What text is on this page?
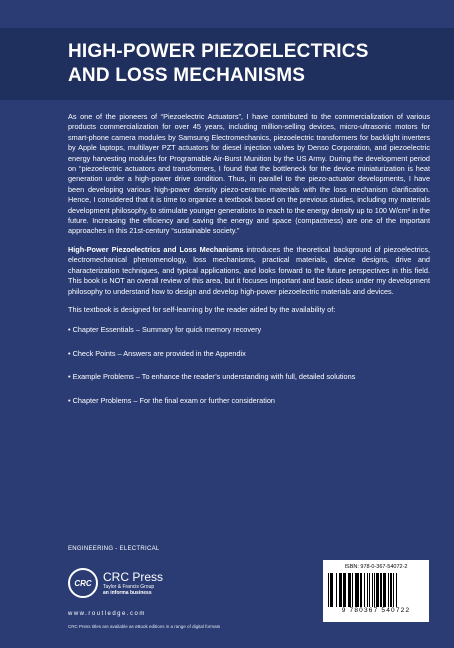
HIGH-POWER PIEZOELECTRICS
AND LOSS MECHANISMS

As one of the pioneers of “Piezoelectric Actuators”, I have contributed to the commercialization of various products commercialization for over 45 years, including million-selling devices, micro-ultrasonic motors for smart-phone camera modules by Samsung Electromechanics, piezoelectric transformers for backlight inverters by Apple laptops, multilayer PZT actuators for diesel injection valves by Denso Corporation, and piezoelectric energy harvesting modules for Programable Air-Burst Munition by the US Army. During the development period on “piezoelectric actuators and transformers, I found that the bottleneck for the device miniaturization is heat generation under a high-power drive condition. Thus, in parallel to the piezo-actuator developments, I have been developing various high-power density piezo-ceramic materials with the loss mechanism clarification. Hence, I considered that it is time to organize a textbook based on the previous studies, including my materials development philosophy, to stimulate younger generations to reach to the energy density up to 100 W/cm³ in the future. Increasing the efficiency and saving the energy and space (compactness) are one of the important approaches in this 21st-century “sustainable society.”

High-Power Piezoelectrics and Loss Mechanisms introduces the theoretical background of piezoelectrics, electromechanical phenomenology, loss mechanisms, practical materials, device designs, drive and characterization techniques, and typical applications, and looks forward to the future perspectives in this field. This book is NOT an overall review of this area, but it focuses important and basic ideas under my development philosophy to understand how to design and develop high-power piezoelectric materials and devices.

This textbook is designed for self-learning by the reader aided by the availability of:

• Chapter Essentials – Summary for quick memory recovery
• Check Points – Answers are provided in the Appendix
• Example Problems – To enhance the reader’s understanding with full, detailed solutions
• Chapter Problems – For the final exam or further consideration
ENGINEERING - ELECTRICAL
CRC CRC Press
Taylor & Francis Group
an informa business
www.routledge.com
CRC Press titles are available as eBook editions in a range of digital formats
ISBN: 978-0-367-54072-2
9 780367 540722
